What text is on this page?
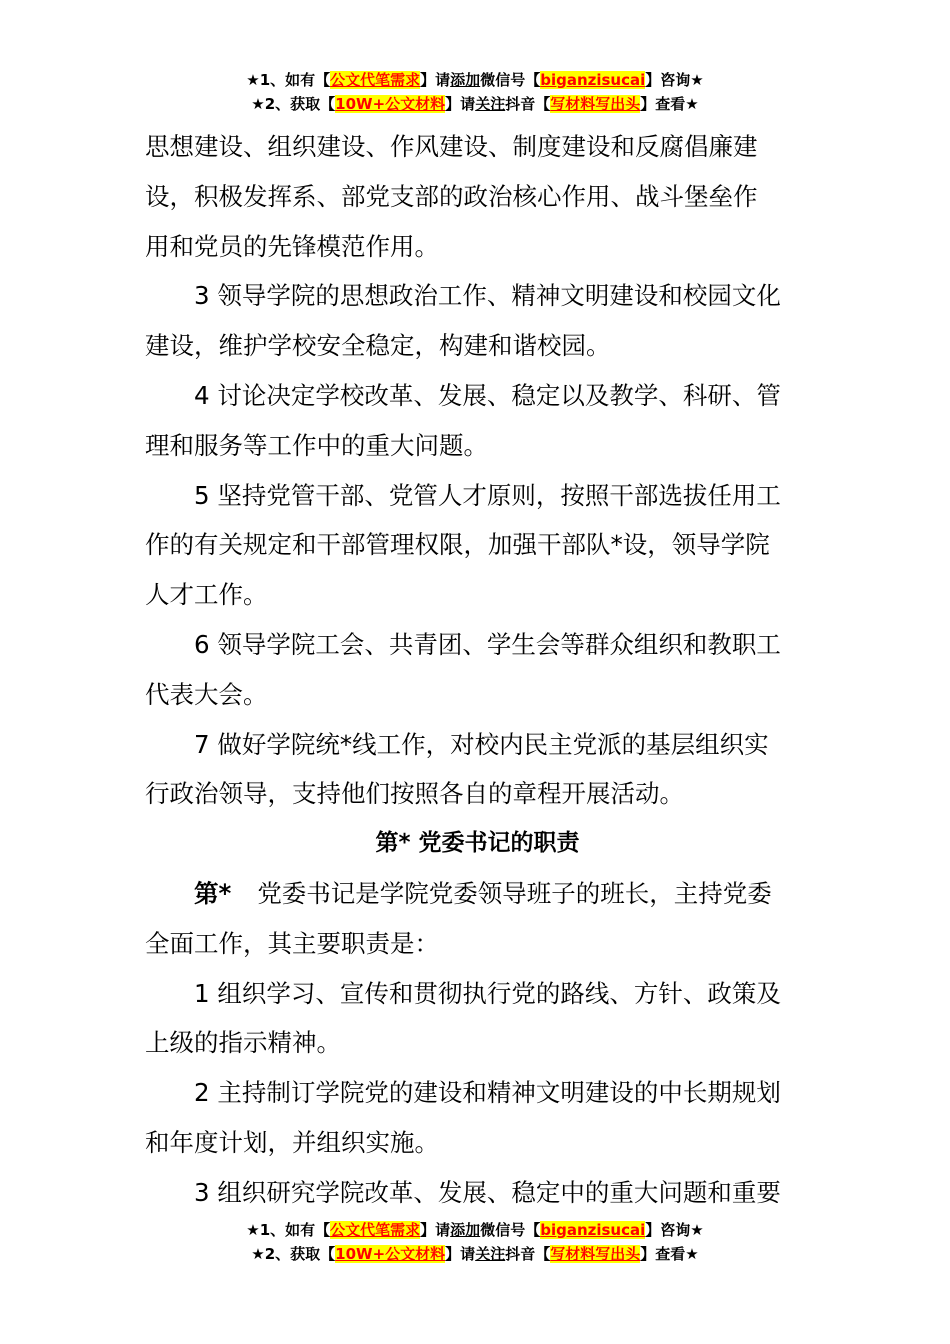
★1、如有【公文代笔需求】请添加微信号【biganzisucai】咨询★
★2、获取【10W+公文材料】请关注抖音【写材料写出头】查看★
思想建设、组织建设、作风建设、制度建设和反腐倡廉建
设，积极发挥系、部党支部的政治核心作用、战斗堡垒作
用和党员的先锋模范作用。
3 领导学院的思想政治工作、精神文明建设和校园文化
建设，维护学校安全稳定，构建和谐校园。
4 讨论决定学校改革、发展、稳定以及教学、科研、管
理和服务等工作中的重大问题。
5 坚持党管干部、党管人才原则，按照干部选拔任用工
作的有关规定和干部管理权限，加强干部队*设，领导学院
人才工作。
6 领导学院工会、共青团、学生会等群众组织和教职工
代表大会。
7 做好学院统*线工作，对校内民主党派的基层组织实
行政治领导，支持他们按照各自的章程开展活动。
第* 党委书记的职责
第* 党委书记是学院党委领导班子的班长，主持党委
全面工作，其主要职责是：
1 组织学习、宣传和贯彻执行党的路线、方针、政策及
上级的指示精神。
2 主持制订学院党的建设和精神文明建设的中长期规划
和年度计划，并组织实施。
3 组织研究学院改革、发展、稳定中的重大问题和重要
★1、如有【公文代笔需求】请添加微信号【biganzisucai】咨询★
★2、获取【10W+公文材料】请关注抖音【写材料写出头】查看★
